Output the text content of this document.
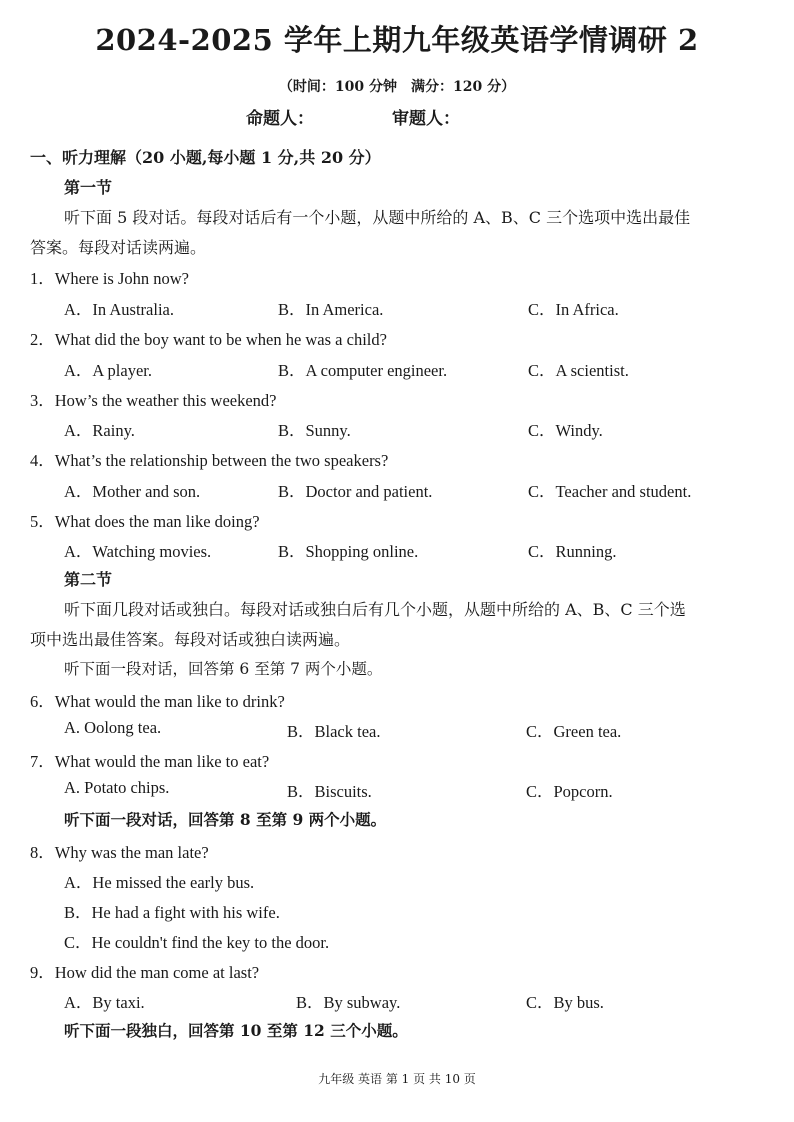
2024-2025 学年上期九年级英语学情调研 2
（时间：100 分钟　满分：120 分）
命题人：	审题人：
一、听力理解（20 小题,每小题 1 分,共 20 分）
第一节
听下面 5 段对话。每段对话后有一个小题，从题中所给的 A、B、C 三个选项中选出最佳
答案。每段对话读两遍。
1．Where is John now?
A．In Australia.	B．In America.	C．In Africa.
2．What did the boy want to be when he was a child?
A．A player.	B．A computer engineer.	C．A scientist.
3．How’s the weather this weekend?
A．Rainy.	B．Sunny.	C．Windy.
4．What’s the relationship between the two speakers?
A．Mother and son.	B．Doctor and patient.	C．Teacher and student.
5．What does the man like doing?
A．Watching movies.	B．Shopping online.	C．Running.
第二节
听下面几段对话或独白。每段对话或独白后有几个小题，从题中所给的 A、B、C 三个选
项中选出最佳答案。每段对话或独白读两遍。
听下面一段对话，回答第 6 至第 7 两个小题。
6．What would the man like to drink?
A. Oolong tea.	B．Black tea.	C．Green tea.
7．What would the man like to eat?
A. Potato chips.	B．Biscuits.	C．Popcorn.
听下面一段对话，回答第 8 至第 9 两个小题。
8．Why was the man late?
A．He missed the early bus.
B．He had a fight with his wife.
C．He couldn't find the key to the door.
9．How did the man come at last?
A．By taxi.	B．By subway.	C．By bus.
听下面一段独白，回答第 10 至第 12 三个小题。
九年级 英语 第 1 页 共 10 页
